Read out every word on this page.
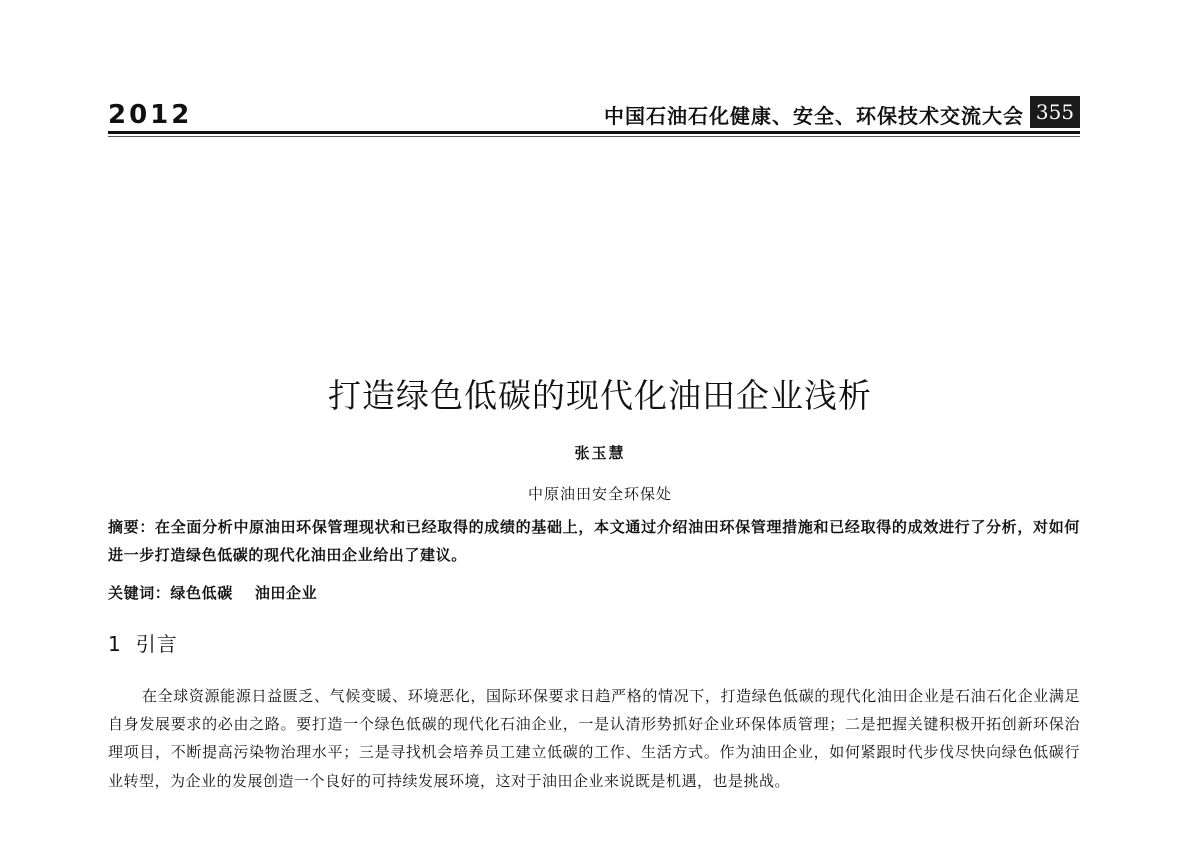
2012	中国石油石化健康、安全、环保技术交流大会 355
打造绿色低碳的现代化油田企业浅析
张玉慧
中原油田安全环保处
摘要：在全面分析中原油田环保管理现状和已经取得的成绩的基础上，本文通过介绍油田环保管理措施和已经取得的成效进行了分析，对如何进一步打造绿色低碳的现代化油田企业给出了建议。
关键词：绿色低碳 油田企业
1 引言
在全球资源能源日益匮乏、气候变暖、环境恶化，国际环保要求日趋严格的情况下，打造绿色低碳的现代化油田企业是石油石化企业满足自身发展要求的必由之路。要打造一个绿色低碳的现代化石油企业，一是认清形势抓好企业环保体质管理；二是把握关键积极开拓创新环保治理项目，不断提高污染物治理水平；三是寻找机会培养员工建立低碳的工作、生活方式。作为油田企业，如何紧跟时代步伐尽快向绿色低碳行业转型，为企业的发展创造一个良好的可持续发展环境，这对于油田企业来说既是机遇，也是挑战。
